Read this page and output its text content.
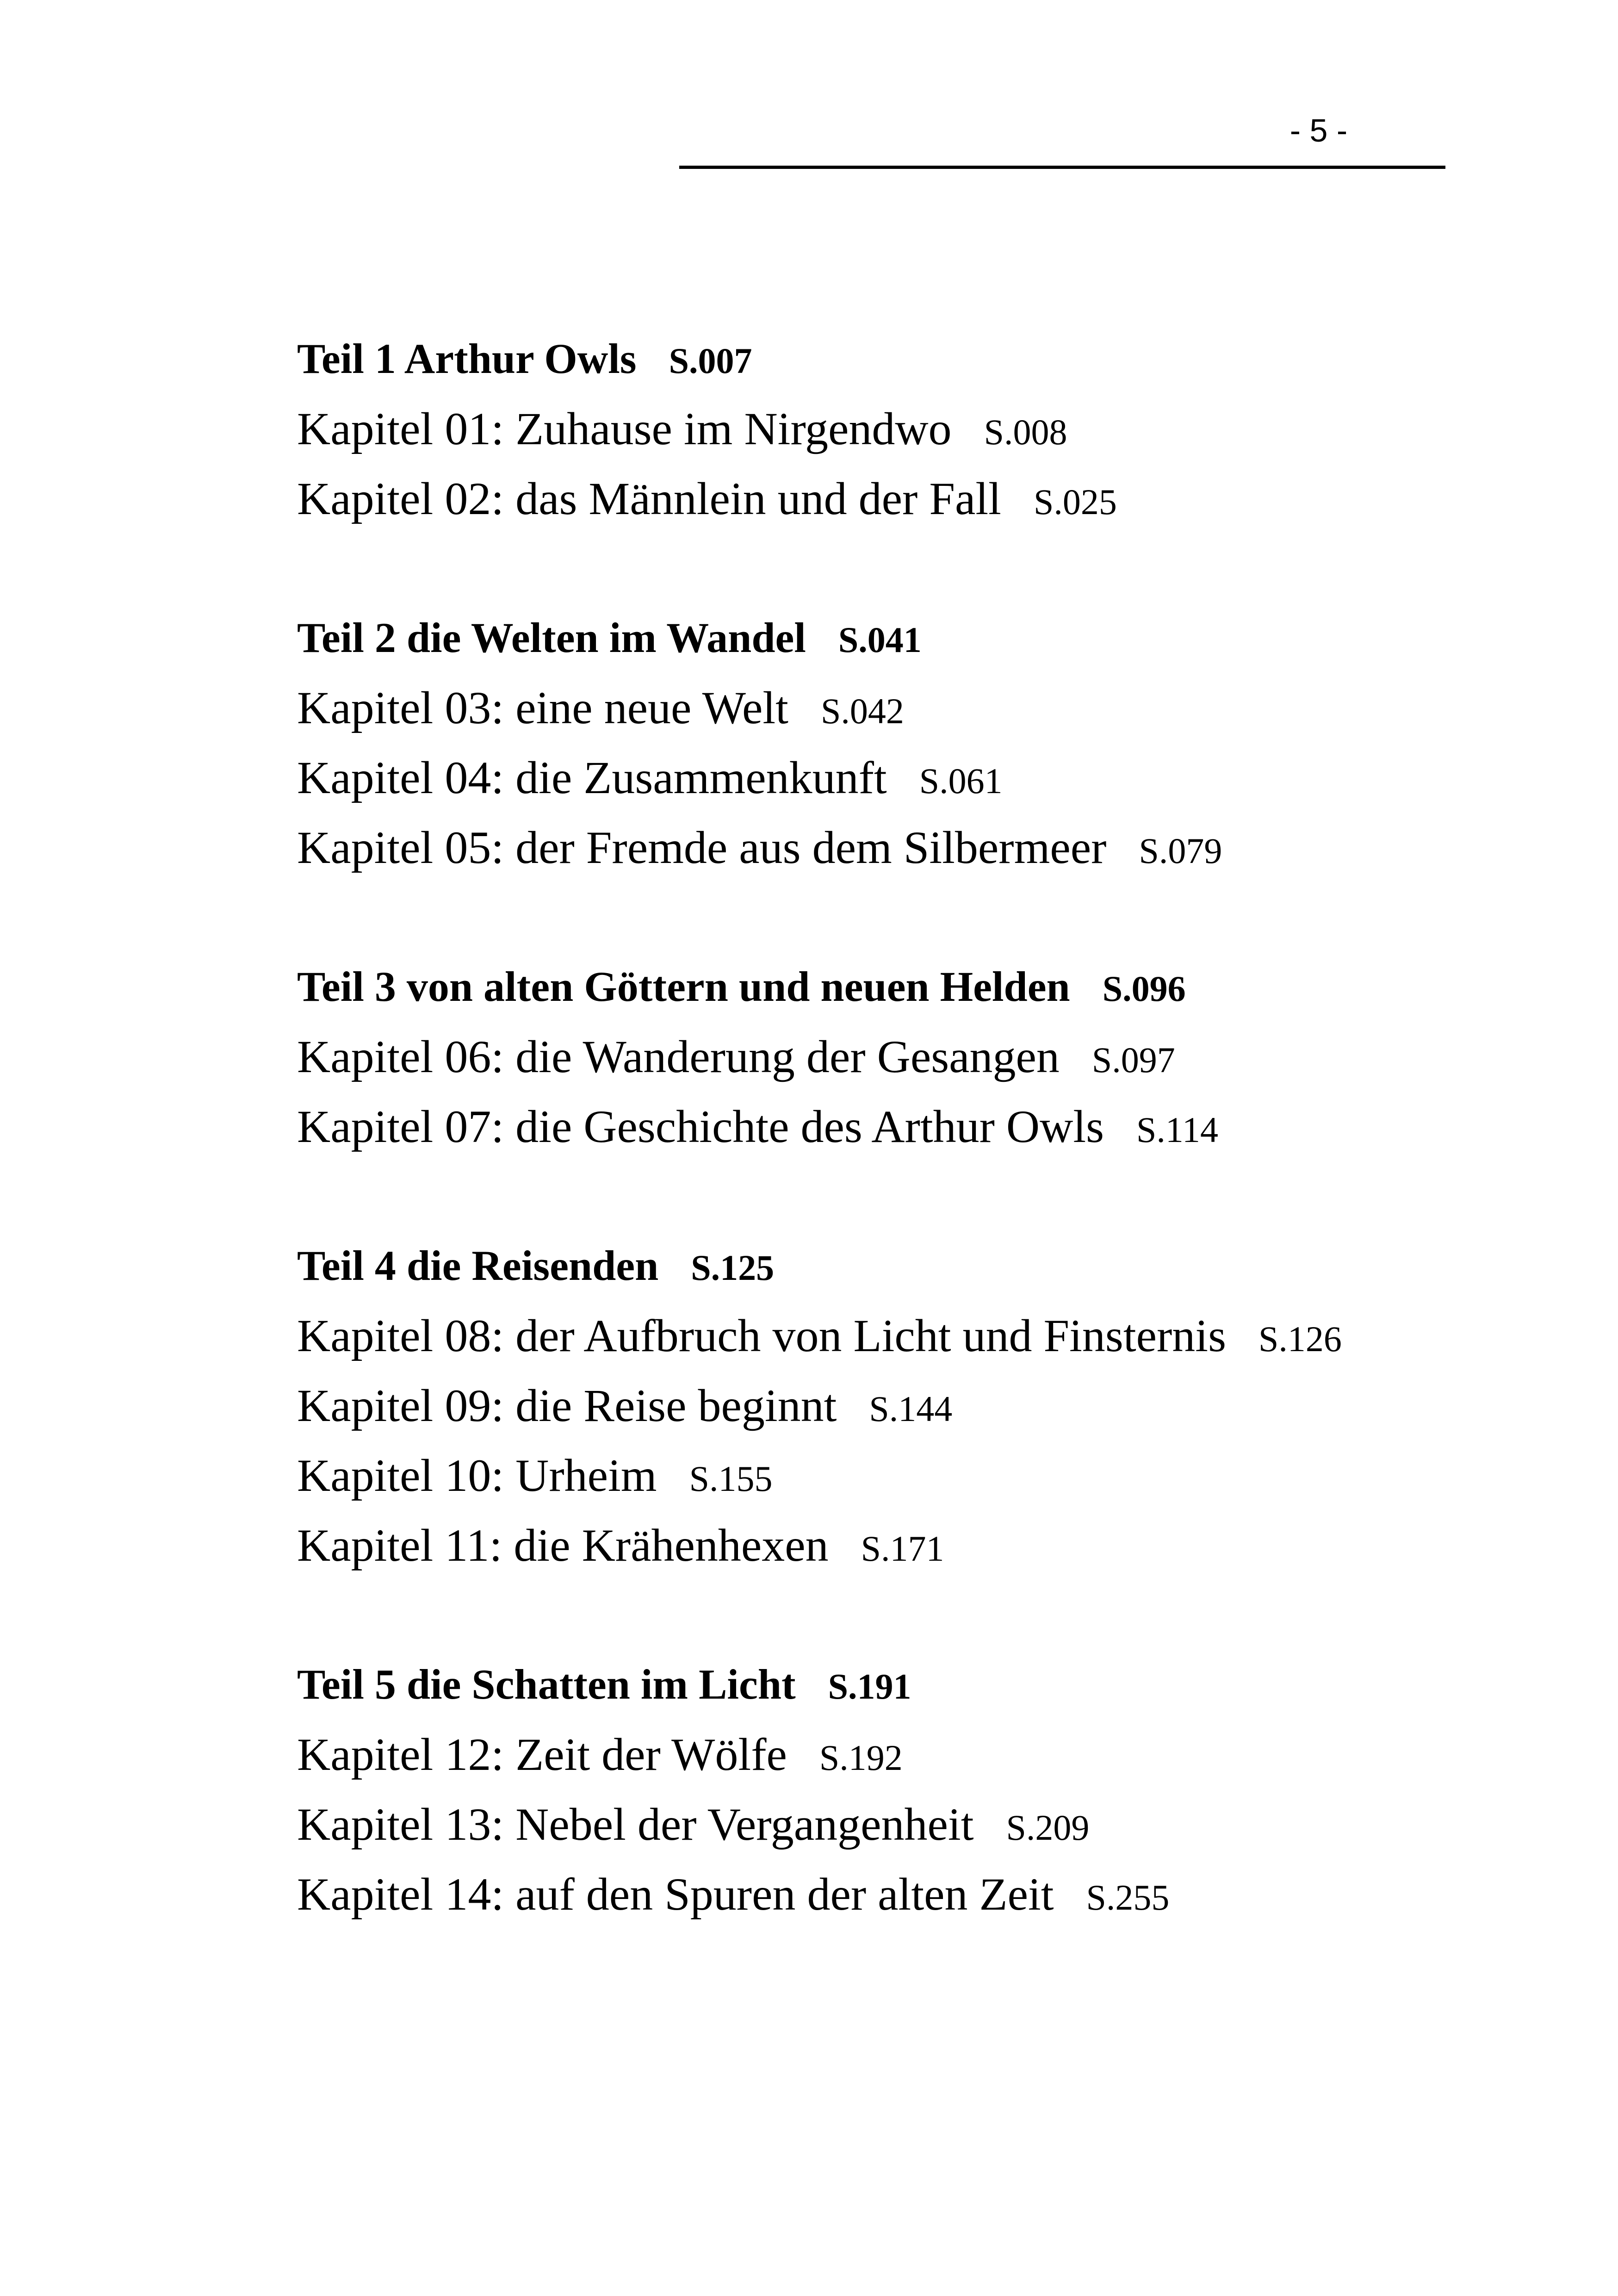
- 5 -
Teil 1 Arthur Owls S.007
Kapitel 01: Zuhause im Nirgendwo S.008
Kapitel 02: das Männlein und der Fall S.025
Teil 2 die Welten im Wandel S.041
Kapitel 03: eine neue Welt S.042
Kapitel 04: die Zusammenkunft S.061
Kapitel 05: der Fremde aus dem Silbermeer S.079
Teil 3 von alten Göttern und neuen Helden S.096
Kapitel 06: die Wanderung der Gesangen S.097
Kapitel 07: die Geschichte des Arthur Owls S.114
Teil 4 die Reisenden S.125
Kapitel 08: der Aufbruch von Licht und Finsternis S.126
Kapitel 09: die Reise beginnt S.144
Kapitel 10: Urheim S.155
Kapitel 11: die Krähenhexen S.171
Teil 5 die Schatten im Licht S.191
Kapitel 12: Zeit der Wölfe S.192
Kapitel 13: Nebel der Vergangenheit S.209
Kapitel 14: auf den Spuren der alten Zeit S.255
